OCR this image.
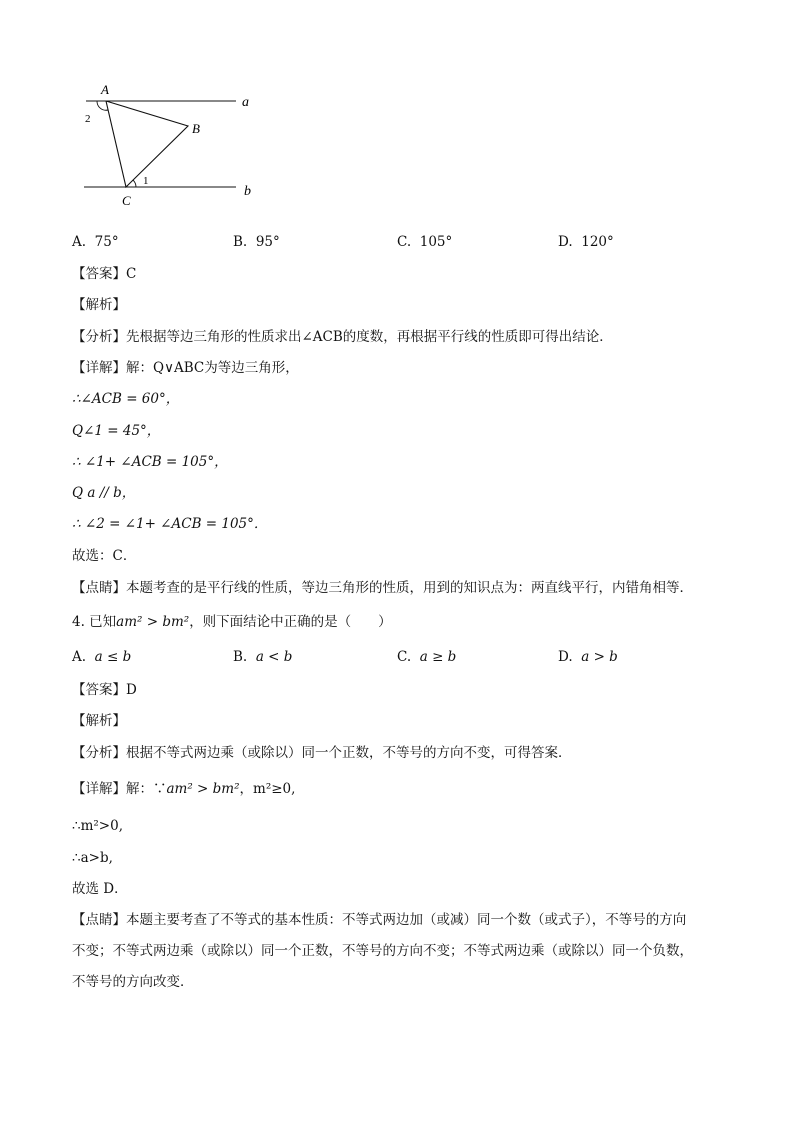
A
B
C
a
b
1
2
A. 75°	B. 95°	C. 105°	D. 120°
【答案】C
【解析】
【分析】先根据等边三角形的性质求出∠ACB的度数，再根据平行线的性质即可得出结论．
【详解】解：Q∨ABC为等边三角形，
∴∠ACB = 60°，
Q∠1 = 45°，
∴ ∠1+ ∠ACB = 105°，
Q a // b，
∴ ∠2 = ∠1+ ∠ACB = 105°．
故选：C．
【点睛】本题考查的是平行线的性质，等边三角形的性质，用到的知识点为：两直线平行，内错角相等．
4. 已知am² > bm²，则下面结论中正确的是（　　）
A. a ≤ b	B. a < b	C. a ≥ b	D. a > b
【答案】D
【解析】
【分析】根据不等式两边乘（或除以）同一个正数，不等号的方向不变，可得答案．
【详解】解：∵am² > bm²，m²≥0,
∴m²>0,
∴a>b,
故选 D．
【点睛】本题主要考查了不等式的基本性质：不等式两边加（或减）同一个数（或式子），不等号的方向
不变；不等式两边乘（或除以）同一个正数，不等号的方向不变；不等式两边乘（或除以）同一个负数，
不等号的方向改变．
